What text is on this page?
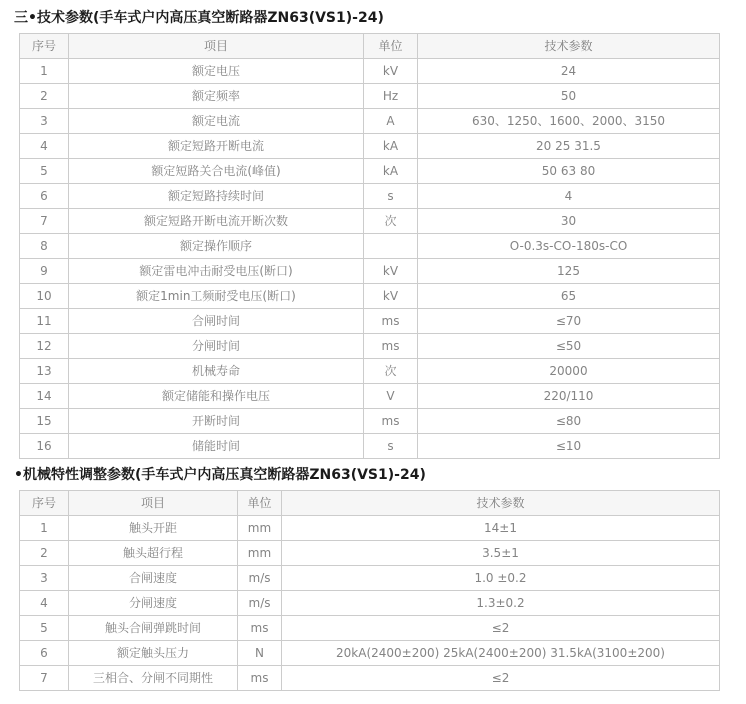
三•技术参数(手车式户内高压真空断路器ZN63(VS1)-24)
序号	项目	单位	技术参数
1	额定电压	kV	24
2	额定频率	Hz	50
3	额定电流	A	630、1250、1600、2000、3150
4	额定短路开断电流	kA	20 25 31.5
5	额定短路关合电流(峰值)	kA	50 63 80
6	额定短路持续时间	s	4
7	额定短路开断电流开断次数	次	30
8	额定操作顺序		O-0.3s-CO-180s-CO
9	额定雷电冲击耐受电压(断口)	kV	125
10	额定1min工频耐受电压(断口)	kV	65
11	合闸时间	ms	≤70
12	分闸时间	ms	≤50
13	机械寿命	次	20000
14	额定储能和操作电压	V	220/110
15	开断时间	ms	≤80
16	储能时间	s	≤10
•机械特性调整参数(手车式户内高压真空断路器ZN63(VS1)-24)
序号	项目	单位	技术参数
1	触头开距	mm	14±1
2	触头超行程	mm	3.5±1
3	合闸速度	m/s	1.0 ±0.2
4	分闸速度	m/s	1.3±0.2
5	触头合闸弹跳时间	ms	≤2
6	额定触头压力	N	20kA(2400±200) 25kA(2400±200) 31.5kA(3100±200)
7	三相合、分闸不同期性	ms	≤2
